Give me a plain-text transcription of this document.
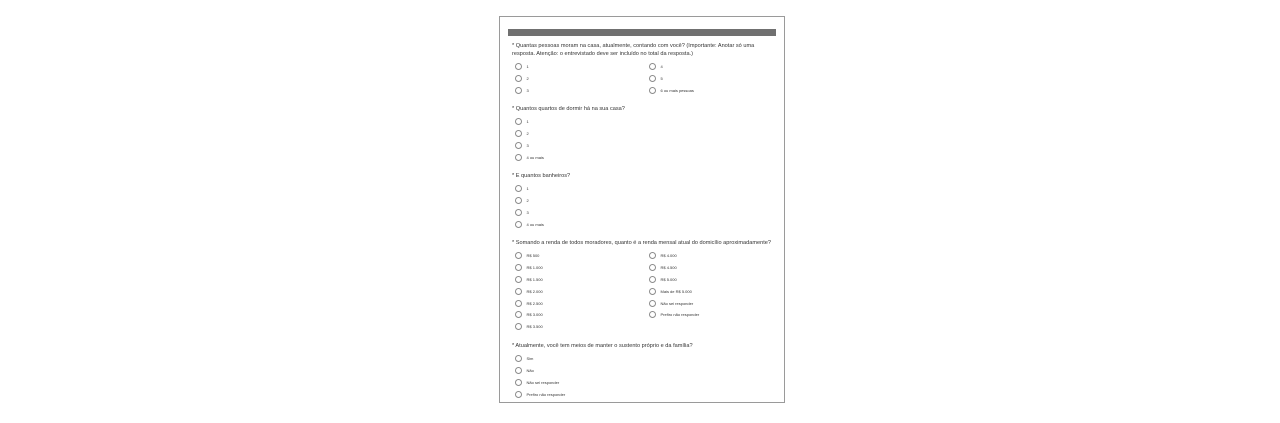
* Quantas pessoas moram na casa, atualmente, contando com você? (Importante: Anotar só uma resposta. Atenção: o entrevistado deve ser incluído no total da resposta.)

1
2
3
4
5
6 ou mais pessoas

* Quantos quartos de dormir há na sua casa?

1
2
3
4 ou mais

* E quantos banheiros?

1
2
3
4 ou mais

* Somando a renda de todos moradores, quanto é a renda mensal atual do domicílio aproximadamente?

R$ 500
R$ 1.000
R$ 1.500
R$ 2.000
R$ 2.500
R$ 3.000
R$ 3.500
R$ 4.000
R$ 4.500
R$ 5.000
Mais de R$ 5.000
Não sei responder
Prefiro não responder

* Atualmente, você tem meios de manter o sustento próprio e da família?

Sim
Não
Não sei responder
Prefiro não responder
